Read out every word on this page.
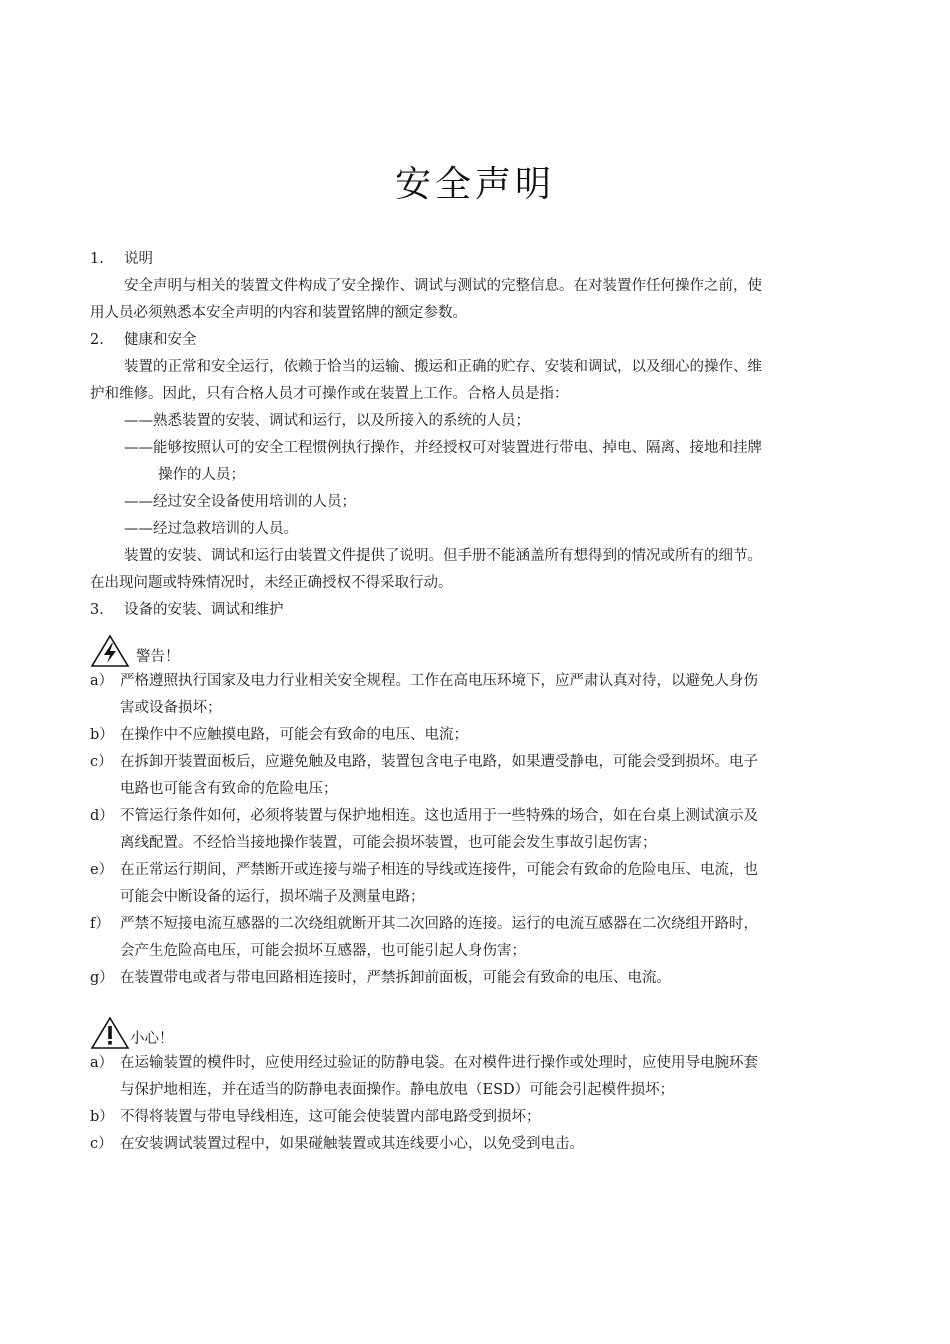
安全声明
1.	说明
安全声明与相关的装置文件构成了安全操作、调试与测试的完整信息。在对装置作任何操作之前，使
用人员必须熟悉本安全声明的内容和装置铭牌的额定参数。
2.	健康和安全
装置的正常和安全运行，依赖于恰当的运输、搬运和正确的贮存、安装和调试，以及细心的操作、维
护和维修。因此，只有合格人员才可操作或在装置上工作。合格人员是指：
——熟悉装置的安装、调试和运行，以及所接入的系统的人员；
——能够按照认可的安全工程惯例执行操作，并经授权可对装置进行带电、掉电、隔离、接地和挂牌
操作的人员；
——经过安全设备使用培训的人员；
——经过急救培训的人员。
装置的安装、调试和运行由装置文件提供了说明。但手册不能涵盖所有想得到的情况或所有的细节。
在出现问题或特殊情况时，未经正确授权不得采取行动。
3.	设备的安装、调试和维护
警告！
a） 严格遵照执行国家及电力行业相关安全规程。工作在高电压环境下，应严肃认真对待，以避免人身伤
害或设备损坏；
b） 在操作中不应触摸电路，可能会有致命的电压、电流；
c） 在拆卸开装置面板后，应避免触及电路，装置包含电子电路，如果遭受静电，可能会受到损坏。电子
电路也可能含有致命的危险电压；
d） 不管运行条件如何，必须将装置与保护地相连。这也适用于一些特殊的场合，如在台桌上测试演示及
离线配置。不经恰当接地操作装置，可能会损坏装置，也可能会发生事故引起伤害；
e） 在正常运行期间，严禁断开或连接与端子相连的导线或连接件，可能会有致命的危险电压、电流，也
可能会中断设备的运行，损坏端子及测量电路；
f） 严禁不短接电流互感器的二次绕组就断开其二次回路的连接。运行的电流互感器在二次绕组开路时，
会产生危险高电压，可能会损坏互感器，也可能引起人身伤害；
g） 在装置带电或者与带电回路相连接时，严禁拆卸前面板，可能会有致命的电压、电流。
小心！
a） 在运输装置的模件时，应使用经过验证的防静电袋。在对模件进行操作或处理时，应使用导电腕环套
与保护地相连，并在适当的防静电表面操作。静电放电（ESD）可能会引起模件损坏；
b） 不得将装置与带电导线相连，这可能会使装置内部电路受到损坏；
c） 在安装调试装置过程中，如果碰触装置或其连线要小心，以免受到电击。
